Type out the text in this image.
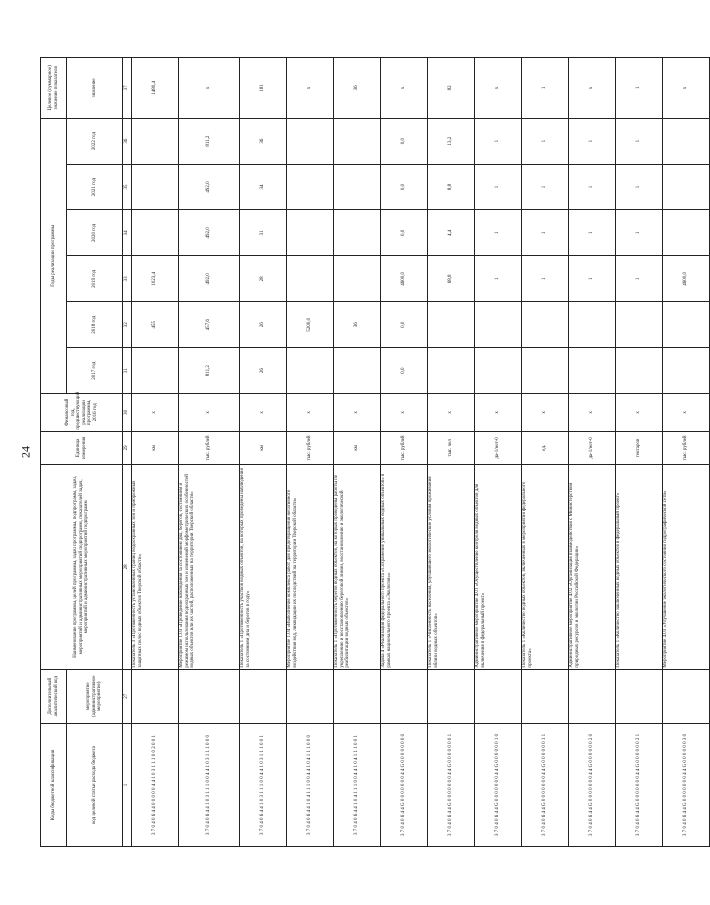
24
Коды бюджетной классификации	Дополнительный аналитический код	Наименование программы, целей программы, задач программы, подпрограмм, задач, мероприятий и административных мероприятий подпрограмм, показателей задач, мероприятий и административных мероприятий подпрограмм	Единица измерения	Финансовый год, предшествующий реализации программы, 2016 год	Годы реализации программы						Целевое (суммарное) значение показателя
код целевой статьи расхода бюджета	мероприятие (административное мероприятие)				2017 год	2018 год	2019 год	2020 год	2021 год	2022 год	значение
1	27	28	29	30	31	32	33	34	35	36	37
3 7 0 4 0 6 4 4 0 0 0 0 0 4 4 1 0 3 1 1 1 0 0 2 0 0 1		Показатель 3 «Протяжённость установленных границ водоохранных зон и прибрежных защитных полос водных объектов Тверской области»	км	х		455	1023,4				1480,4
3 7 0 4 0 6 4 4 1 0 3 1 1 1 0 0 4 4 1 0 3 1 1 1 0 0 0		Мероприятие 1.03 «Проведение наблюдения за состоянием дна, берегов, состоянием и режимом использования водоохранных зон и изменений морфометрических особенностей водных объектов или их частей, расположенных на территории Тверской области»	тыс. рублей	х	811,2	457,6	492,0	492,0	492,0	811,2	х
3 7 0 4 0 6 4 4 1 0 3 1 1 1 0 0 4 4 1 0 3 1 1 1 0 0 1		Показатель 1 «Протяжённость участков водных объектов, на которых проведены наблюдения за состоянием дна и берегов в году»	км	х	26	26	28	31	34	36	181
3 7 0 4 0 6 4 4 1 0 4 1 1 1 0 0 4 4 1 0 4 1 1 1 0 0 0		Мероприятие 1.04 «Выполнение комплекса работ для предотвращения негативного воздействия вод, ликвидации их последствий на территории Тверской области»	тыс. рублей	х		5200,0					х
3 7 0 4 0 6 4 4 1 0 4 1 1 1 0 0 4 4 1 0 4 1 1 1 0 0 1		Показатель 1 «Протяжённость берегов водных объектов, на которых проведены работы по укреплению и восстановлению береговой линии, восстановлению и экологической реабилитации водных объектов»	км	х		36					36
3 7 0 4 0 6 4 4 G 0 0 0 0 0 0 0 4 4 G 0 0 0 0 0 0 0 0		Задача 4 «Реализация федерального проекта «Сохранение уникальных водных объектов» в рамках национального проекта «Экология»»	тыс. рублей	х	0,0	0,0	4600,0	0,0	0,0	0,0	х
3 7 0 4 0 6 4 4 G 0 0 0 0 0 0 0 4 4 G 0 0 0 0 0 0 0 1		Показатель 1 «Численность населения, улучшившего экологические условия проживания вблизи водных объектов»	тыс. чел	х			68,8	4,4	8,8	13,2	82
3 7 0 4 0 6 4 4 G 0 0 0 0 0 0 0 4 4 G 0 0 0 0 0 0 1 0		Административное мероприятие 4.01 «Осуществление контроля водных объектов для включения в федеральный проект»	да-1/нет-0	х			1	1	1	1	х
3 7 0 4 0 6 4 4 G 0 0 0 0 0 0 0 4 4 G 0 0 0 0 0 0 1 1		Показатель 1 «Количество водных объектов, включённых в мероприятия федерального проекта»	ед.	х			1	1	1	1	1
3 7 0 4 0 6 4 4 G 0 0 0 0 0 0 0 4 4 G 0 0 0 0 0 0 2 0		Административное мероприятие 4.02 «Организация взаимодействия с Министерством природных ресурсов и экологии Российской Федерации»	да-1/нет-0	х			1	1	1	1	х
3 7 0 4 0 6 4 4 G 0 0 0 0 0 0 0 4 4 G 0 0 0 0 0 0 2 1		Показатель 1 «Количество заключённых водных объектов в федеральный проект»	гектаров	х			1	1	1	1	1
3 7 0 4 0 6 4 4 G 0 0 0 0 0 0 0 4 4 G 0 0 0 0 0 0 3 0		Мероприятие 4.03 «Улучшение экологического состояния гидрографической сети»	тыс. рублей	х			4600,0				х
